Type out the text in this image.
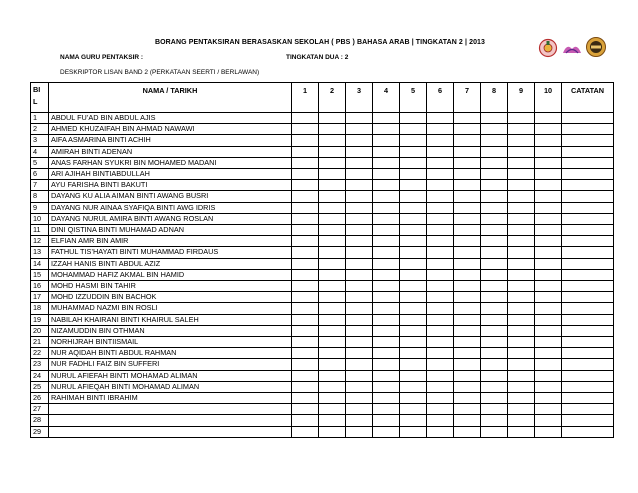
BORANG PENTAKSIRAN BERASASKAN SEKOLAH ( PBS ) BAHASA ARAB | TINGKATAN 2 | 2013
NAMA GURU PENTAKSIR :	TINGKATAN DUA : 2
DESKRIPTOR LISAN BAND 2 (PERKATAAN SEERTI / BERLAWAN)
BI L	NAMA / TARIKH	1	2	3	4	5	6	7	8	9	10	CATATAN
1	ABDUL FU’AD BIN ABDUL AJIS											
2	AHMED KHUZAIFAH BIN AHMAD NAWAWI											
3	AIFA ASMARINA BINTI ACHIH											
4	AMIRAH BINTI ADENAN											
5	ANAS FARHAN SYUKRI BIN MOHAMED MADANI											
6	ARI AJIHAH BINTIABDULLAH											
7	AYU FARISHA BINTI BAKUTI											
8	DAYANG KU ALIA AIMAN BINTI AWANG BUSRI											
9	DAYANG NUR AINAA SYAFIQA BINTI AWG IDRIS											
10	DAYANG NURUL AMIRA BINTI AWANG ROSLAN											
11	DINI QISTINA BINTI MUHAMAD ADNAN											
12	ELFIAN AMR BIN AMIR											
13	FATHUL TIS’HAYATI BINTI MUHAMMAD FIRDAUS											
14	IZZAH HANIS BINTI ABDUL AZIZ											
15	MOHAMMAD HAFIZ AKMAL BIN HAMID											
16	MOHD HASMI BIN TAHIR											
17	MOHD IZZUDDIN BIN BACHOK											
18	MUHAMMAD NAZMI BIN ROSLI											
19	NABILAH KHAIRANI BINTI KHAIRUL SALEH											
20	NIZAMUDDIN BIN OTHMAN											
21	NORHIJRAH BINTIISMAIL											
22	NUR AQIDAH BINTI ABDUL RAHMAN											
23	NUR FADHLI FAIZ BIN SUFFERI											
24	NURUL AFIEFAH BINTI MOHAMAD ALIMAN											
25	NURUL AFIEQAH BINTI MOHAMAD ALIMAN											
26	RAHIMAH BINTI IBRAHIM											
27												
28												
29												
